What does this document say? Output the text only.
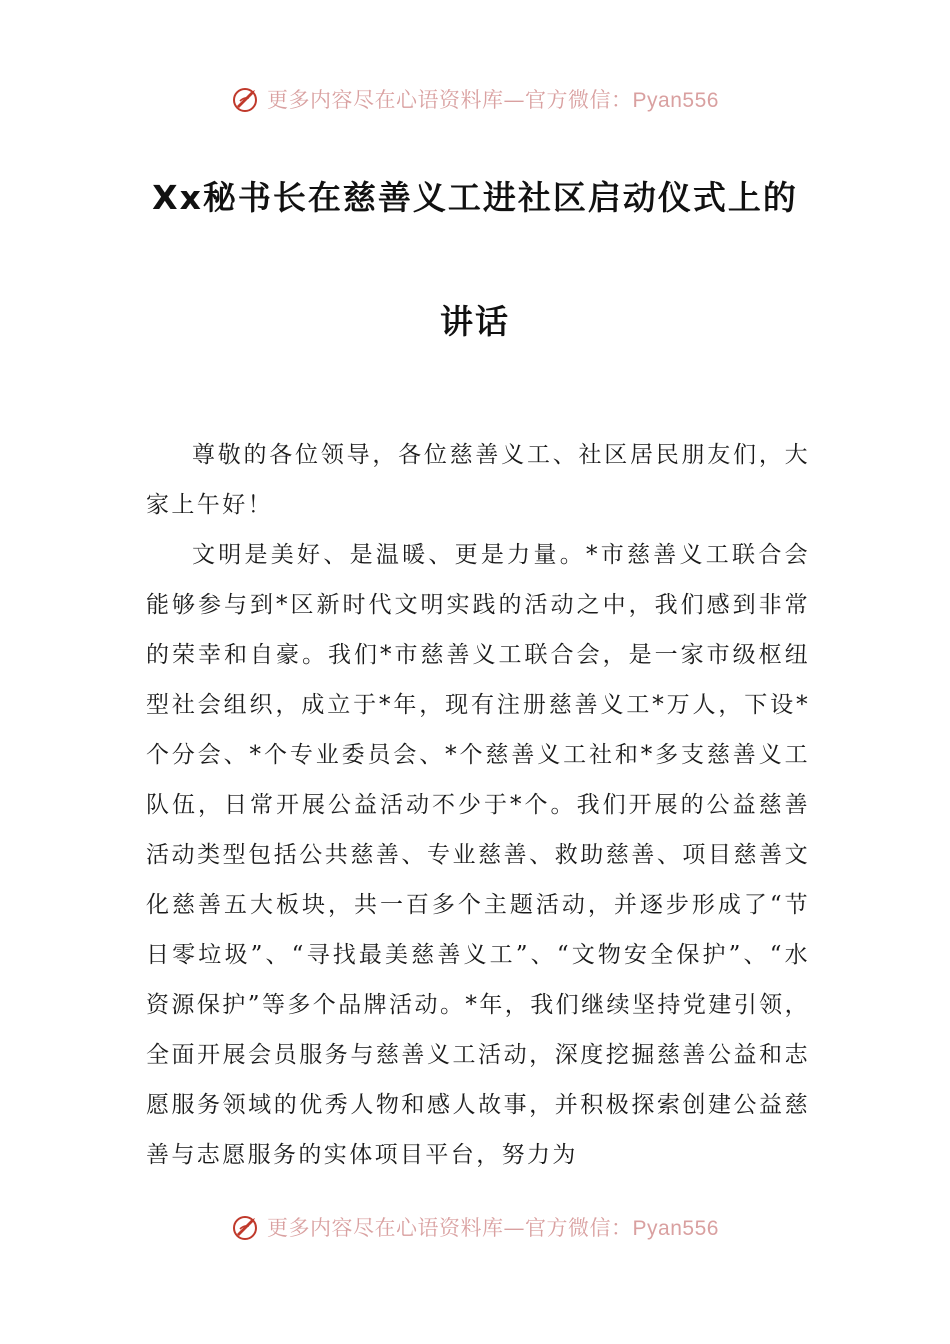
更多内容尽在心语资料库—官方微信：Pyan556
Xx秘书长在慈善义工进社区启动仪式上的
讲话

尊敬的各位领导，各位慈善义工、社区居民朋友们，大家上午好！

文明是美好、是温暖、更是力量。*市慈善义工联合会能够参与到*区新时代文明实践的活动之中，我们感到非常的荣幸和自豪。我们*市慈善义工联合会，是一家市级枢纽型社会组织，成立于*年，现有注册慈善义工*万人，下设*个分会、*个专业委员会、*个慈善义工社和*多支慈善义工队伍，日常开展公益活动不少于*个。我们开展的公益慈善活动类型包括公共慈善、专业慈善、救助慈善、项目慈善文化慈善五大板块，共一百多个主题活动，并逐步形成了“节日零垃圾”、“寻找最美慈善义工”、“文物安全保护”、“水资源保护”等多个品牌活动。*年，我们继续坚持党建引领，全面开展会员服务与慈善义工活动，深度挖掘慈善公益和志愿服务领域的优秀人物和感人故事，并积极探索创建公益慈善与志愿服务的实体项目平台，努力为

更多内容尽在心语资料库—官方微信：Pyan556
